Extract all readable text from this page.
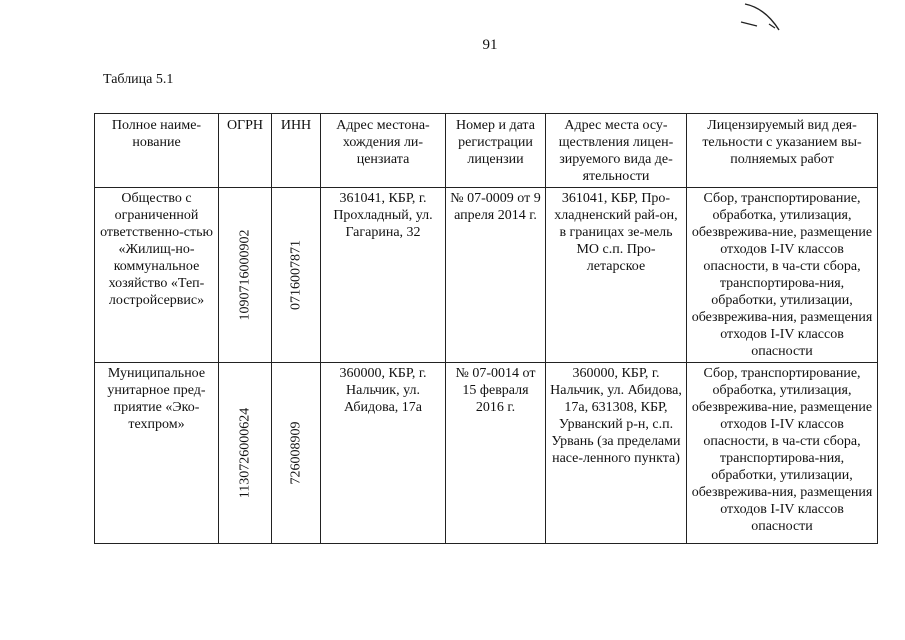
91
Таблица 5.1
Полное наиме-нование	ОГРН	ИНН	Адрес местона-хождения ли-цензиата	Номер и дата регистрации лицензии	Адрес места осу-ществления лицен-зируемого вида де-ятельности	Лицензируемый вид дея-тельности с указанием вы-полняемых работ
Общество с ограниченной ответственно-стью «Жилищ-но-коммунальное хозяйство «Теп-лостройсервис»	1090716000902	0716007871	361041, КБР, г. Прохладный, ул. Гагарина, 32	№ 07-0009 от 9 апреля 2014 г.	361041, КБР, Про-хладненский рай-он, в границах зе-мель МО с.п. Про-летарское	Сбор, транспортирование, обработка, утилизация, обезврежива-ние, размещение отходов I-IV классов опасности, в ча-сти сбора, транспортирова-ния, обработки, утилизации, обезврежива-ния, размещения отходов I-IV классов опасности
Муниципальное унитарное пред-приятие «Эко-техпром»	1130726000624	726008909	360000, КБР, г. Нальчик, ул. Абидова, 17а	№ 07-0014 от 15 февраля 2016 г.	360000, КБР, г. Нальчик, ул. Абидова, 17а, 631308, КБР, Урванский р-н, с.п. Урвань (за пределами насе-ленного пункта)	Сбор, транспортирование, обработка, утилизация, обезврежива-ние, размещение отходов I-IV классов опасности, в ча-сти сбора, транспортирова-ния, обработки, утилизации, обезврежива-ния, размещения отходов I-IV классов опасности
